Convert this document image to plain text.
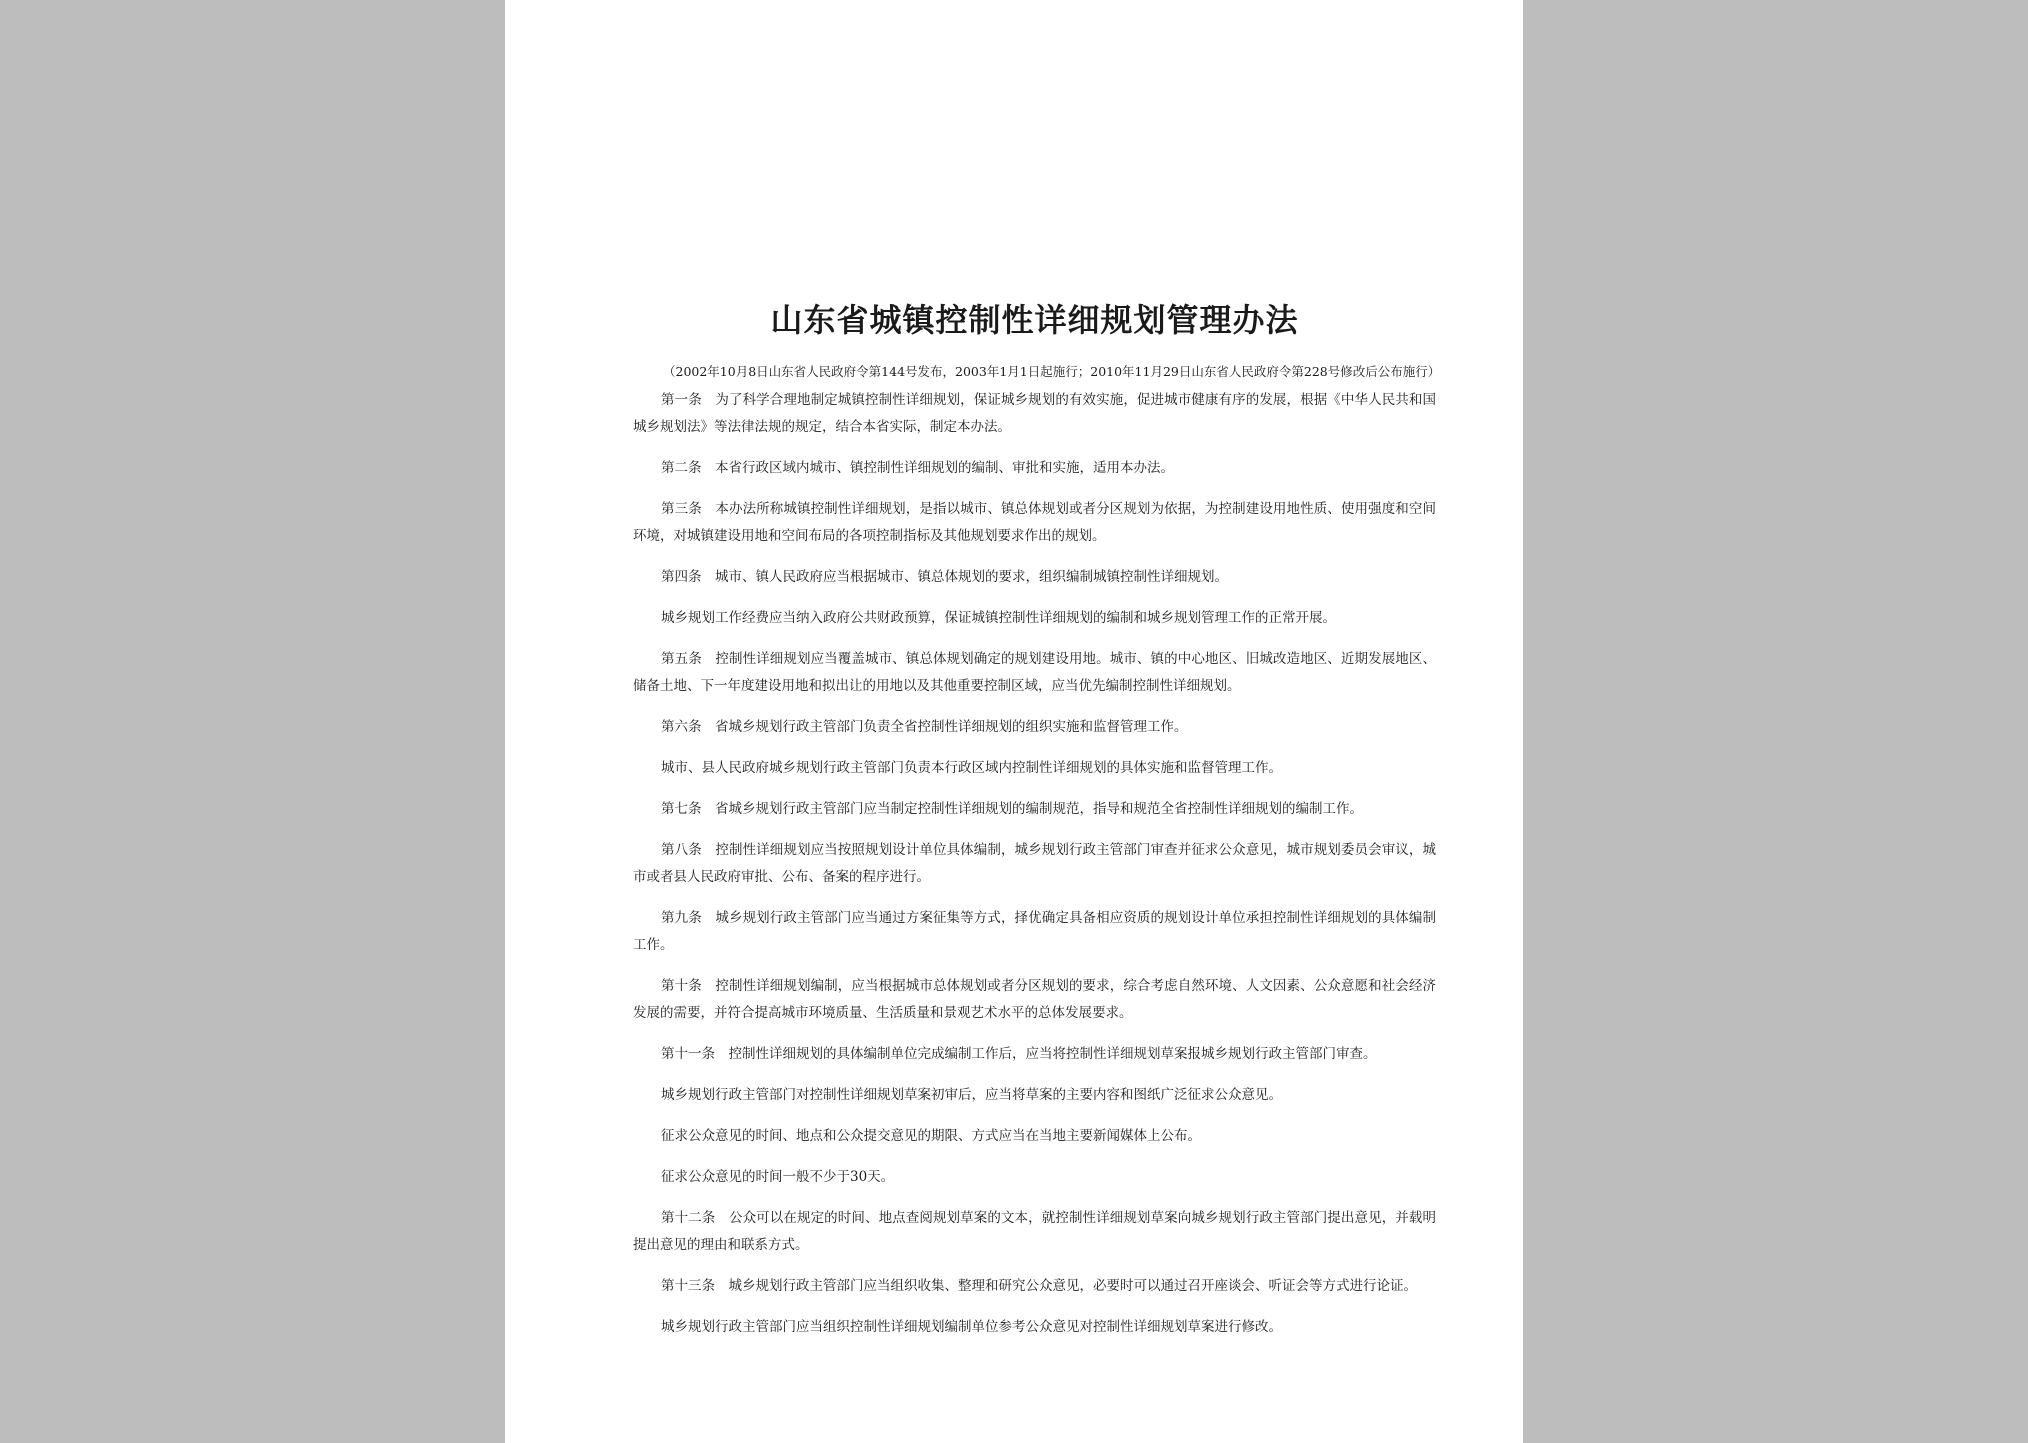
山东省城镇控制性详细规划管理办法

（2002年10月8日山东省人民政府令第144号发布，2003年1月1日起施行；2010年11月29日山东省人民政府令第228号修改后公布施行）

第一条　为了科学合理地制定城镇控制性详细规划，保证城乡规划的有效实施，促进城市健康有序的发展，根据《中华人民共和国城乡规划法》等法律法规的规定，结合本省实际，制定本办法。

第二条　本省行政区域内城市、镇控制性详细规划的编制、审批和实施，适用本办法。

第三条　本办法所称城镇控制性详细规划，是指以城市、镇总体规划或者分区规划为依据，为控制建设用地性质、使用强度和空间环境，对城镇建设用地和空间布局的各项控制指标及其他规划要求作出的规划。

第四条　城市、镇人民政府应当根据城市、镇总体规划的要求，组织编制城镇控制性详细规划。

城乡规划工作经费应当纳入政府公共财政预算，保证城镇控制性详细规划的编制和城乡规划管理工作的正常开展。

第五条　控制性详细规划应当覆盖城市、镇总体规划确定的规划建设用地。城市、镇的中心地区、旧城改造地区、近期发展地区、储备土地、下一年度建设用地和拟出让的用地以及其他重要控制区域，应当优先编制控制性详细规划。

第六条　省城乡规划行政主管部门负责全省控制性详细规划的组织实施和监督管理工作。

城市、县人民政府城乡规划行政主管部门负责本行政区域内控制性详细规划的具体实施和监督管理工作。

第七条　省城乡规划行政主管部门应当制定控制性详细规划的编制规范，指导和规范全省控制性详细规划的编制工作。

第八条　控制性详细规划应当按照规划设计单位具体编制，城乡规划行政主管部门审查并征求公众意见，城市规划委员会审议，城市或者县人民政府审批、公布、备案的程序进行。

第九条　城乡规划行政主管部门应当通过方案征集等方式，择优确定具备相应资质的规划设计单位承担控制性详细规划的具体编制工作。

第十条　控制性详细规划编制，应当根据城市总体规划或者分区规划的要求，综合考虑自然环境、人文因素、公众意愿和社会经济发展的需要，并符合提高城市环境质量、生活质量和景观艺术水平的总体发展要求。

第十一条　控制性详细规划的具体编制单位完成编制工作后，应当将控制性详细规划草案报城乡规划行政主管部门审查。

城乡规划行政主管部门对控制性详细规划草案初审后，应当将草案的主要内容和图纸广泛征求公众意见。

征求公众意见的时间、地点和公众提交意见的期限、方式应当在当地主要新闻媒体上公布。

征求公众意见的时间一般不少于30天。

第十二条　公众可以在规定的时间、地点查阅规划草案的文本，就控制性详细规划草案向城乡规划行政主管部门提出意见，并载明提出意见的理由和联系方式。

第十三条　城乡规划行政主管部门应当组织收集、整理和研究公众意见，必要时可以通过召开座谈会、听证会等方式进行论证。

城乡规划行政主管部门应当组织控制性详细规划编制单位参考公众意见对控制性详细规划草案进行修改。
